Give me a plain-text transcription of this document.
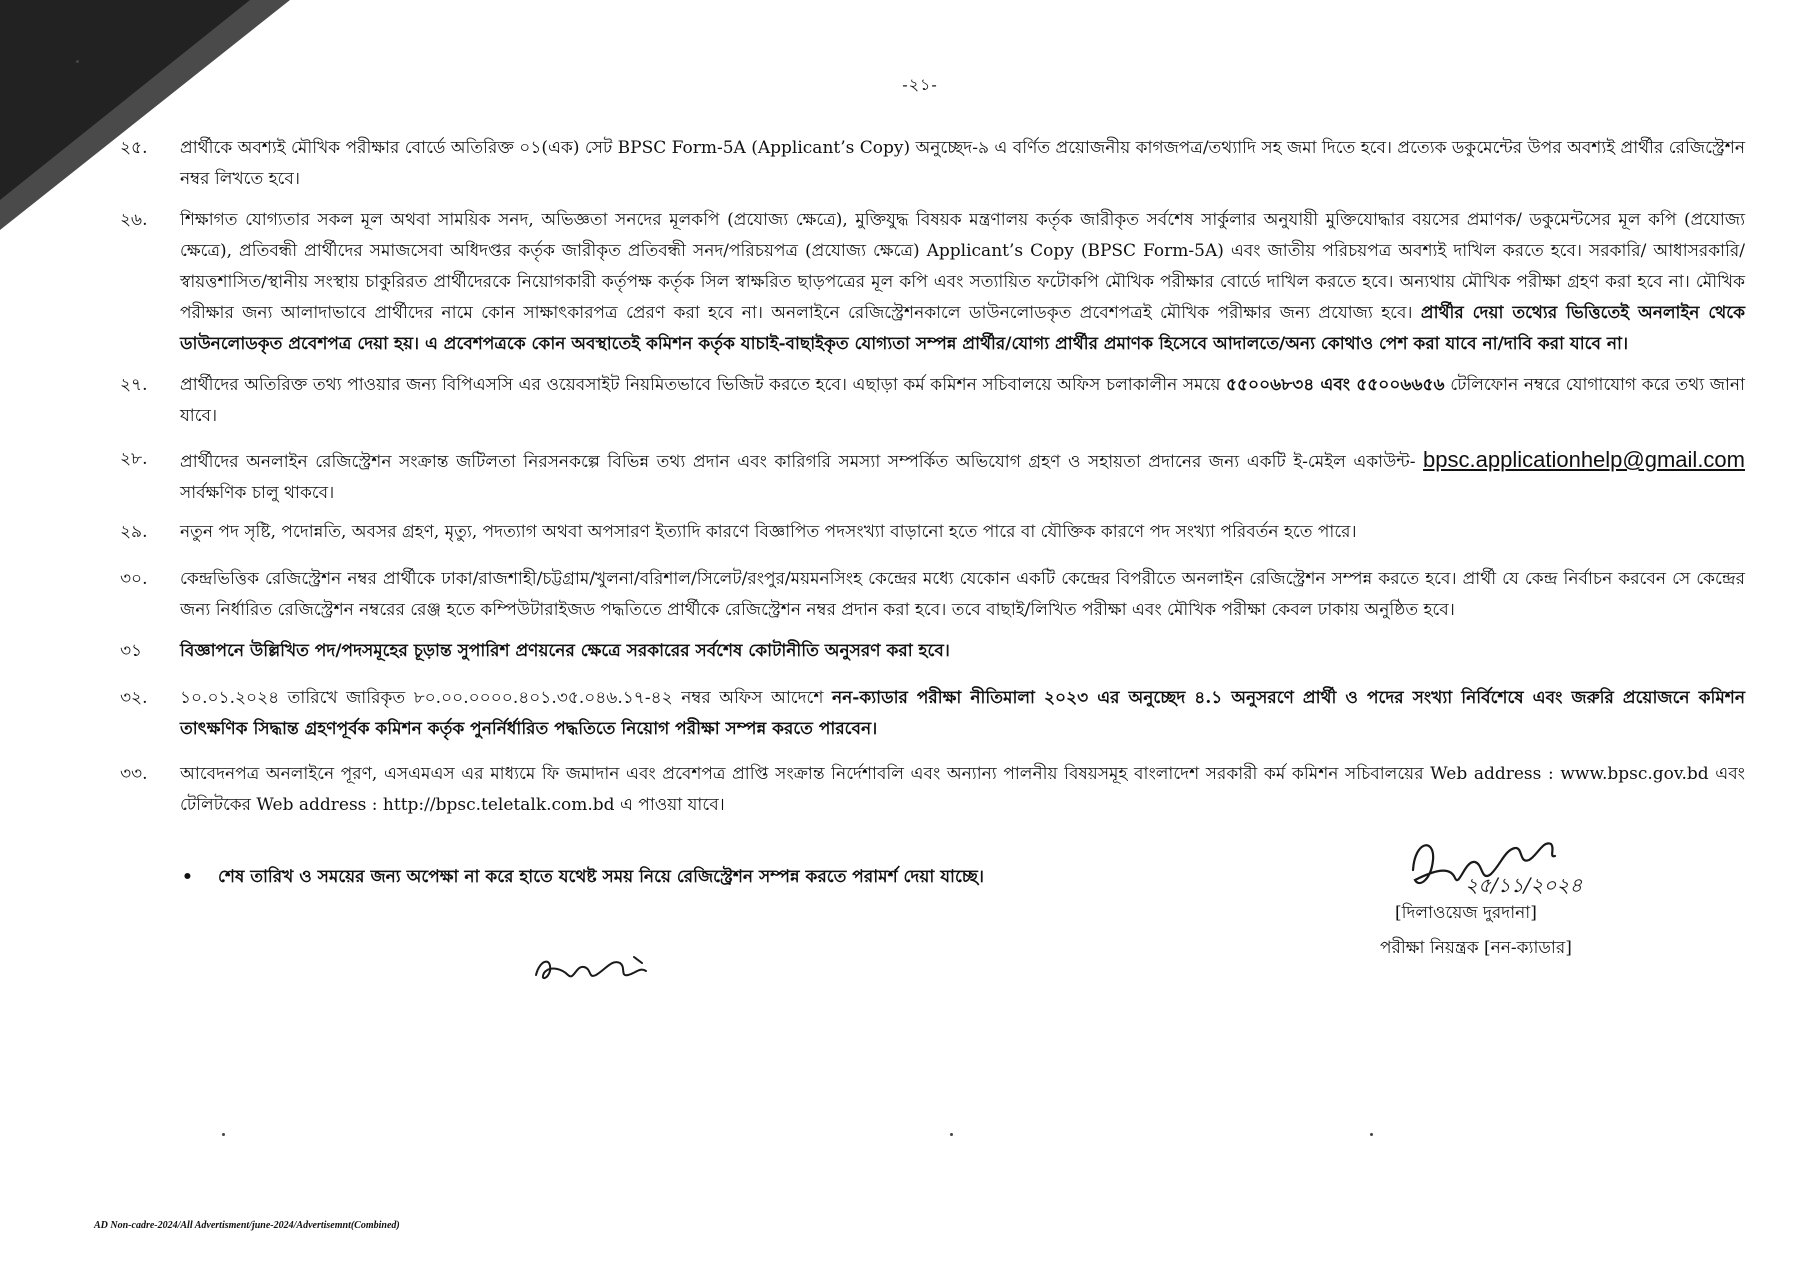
-২১-
২৫.	প্রার্থীকে অবশ্যই মৌখিক পরীক্ষার বোর্ডে অতিরিক্ত ০১(এক) সেট BPSC Form-5A (Applicant’s Copy) অনুচ্ছেদ-৯ এ বর্ণিত প্রয়োজনীয় কাগজপত্র/তথ্যাদি সহ জমা দিতে হবে। প্রত্যেক ডকুমেন্টের উপর অবশ্যই প্রার্থীর রেজিস্ট্রেশন নম্বর লিখতে হবে।
২৬.	শিক্ষাগত যোগ্যতার সকল মূল অথবা সাময়িক সনদ, অভিজ্ঞতা সনদের মূলকপি (প্রযোজ্য ক্ষেত্রে), মুক্তিযুদ্ধ বিষয়ক মন্ত্রণালয় কর্তৃক জারীকৃত সর্বশেষ সার্কুলার অনুযায়ী মুক্তিযোদ্ধার বয়সের প্রমাণক/ ডকুমেন্টসের মূল কপি (প্রযোজ্য ক্ষেত্রে), প্রতিবন্ধী প্রার্থীদের সমাজসেবা অধিদপ্তর কর্তৃক জারীকৃত প্রতিবন্ধী সনদ/পরিচয়পত্র (প্রযোজ্য ক্ষেত্রে) Applicant’s Copy (BPSC Form-5A) এবং জাতীয় পরিচয়পত্র অবশ্যই দাখিল করতে হবে। সরকারি/ আধাসরকারি/স্বায়ত্তশাসিত/স্থানীয় সংস্থায় চাকুরিরত প্রার্থীদেরকে নিয়োগকারী কর্তৃপক্ষ কর্তৃক সিল স্বাক্ষরিত ছাড়পত্রের মূল কপি এবং সত্যায়িত ফটোকপি মৌখিক পরীক্ষার বোর্ডে দাখিল করতে হবে। অন্যথায় মৌখিক পরীক্ষা গ্রহণ করা হবে না। মৌখিক পরীক্ষার জন্য আলাদাভাবে প্রার্থীদের নামে কোন সাক্ষাৎকারপত্র প্রেরণ করা হবে না। অনলাইনে রেজিস্ট্রেশনকালে ডাউনলোডকৃত প্রবেশপত্রই মৌখিক পরীক্ষার জন্য প্রযোজ্য হবে। প্রার্থীর দেয়া তথ্যের ভিত্তিতেই অনলাইন থেকে ডাউনলোডকৃত প্রবেশপত্র দেয়া হয়। এ প্রবেশপত্রকে কোন অবস্থাতেই কমিশন কর্তৃক যাচাই-বাছাইকৃত যোগ্যতা সম্পন্ন প্রার্থীর/যোগ্য প্রার্থীর প্রমাণক হিসেবে আদালতে/অন্য কোথাও পেশ করা যাবে না/দাবি করা যাবে না।
২৭.	প্রার্থীদের অতিরিক্ত তথ্য পাওয়ার জন্য বিপিএসসি এর ওয়েবসাইট নিয়মিতভাবে ভিজিট করতে হবে। এছাড়া কর্ম কমিশন সচিবালয়ে অফিস চলাকালীন সময়ে ৫৫০০৬৮৩৪ এবং ৫৫০০৬৬৫৬ টেলিফোন নম্বরে যোগাযোগ করে তথ্য জানা যাবে।
২৮.	প্রার্থীদের অনলাইন রেজিস্ট্রেশন সংক্রান্ত জটিলতা নিরসনকল্পে বিভিন্ন তথ্য প্রদান এবং কারিগরি সমস্যা সম্পর্কিত অভিযোগ গ্রহণ ও সহায়তা প্রদানের জন্য একটি ই-মেইল একাউন্ট- bpsc.applicationhelp@gmail.com সার্বক্ষণিক চালু থাকবে।
২৯.	নতুন পদ সৃষ্টি, পদোন্নতি, অবসর গ্রহণ, মৃত্যু, পদত্যাগ অথবা অপসারণ ইত্যাদি কারণে বিজ্ঞাপিত পদসংখ্যা বাড়ানো হতে পারে বা যৌক্তিক কারণে পদ সংখ্যা পরিবর্তন হতে পারে।
৩০.	কেন্দ্রভিত্তিক রেজিস্ট্রেশন নম্বর প্রার্থীকে ঢাকা/রাজশাহী/চট্টগ্রাম/খুলনা/বরিশাল/সিলেট/রংপুর/ময়মনসিংহ কেন্দ্রের মধ্যে যেকোন একটি কেন্দ্রের বিপরীতে অনলাইন রেজিস্ট্রেশন সম্পন্ন করতে হবে। প্রার্থী যে কেন্দ্র নির্বাচন করবেন সে কেন্দ্রের জন্য নির্ধারিত রেজিস্ট্রেশন নম্বরের রেঞ্জ হতে কম্পিউটারাইজড পদ্ধতিতে প্রার্থীকে রেজিস্ট্রেশন নম্বর প্রদান করা হবে। তবে বাছাই/লিখিত পরীক্ষা এবং মৌখিক পরীক্ষা কেবল ঢাকায় অনুষ্ঠিত হবে।
৩১	বিজ্ঞাপনে উল্লিখিত পদ/পদসমূহের চূড়ান্ত সুপারিশ প্রণয়নের ক্ষেত্রে সরকারের সর্বশেষ কোটানীতি অনুসরণ করা হবে।
৩২.	১০.০১.২০২৪ তারিখে জারিকৃত ৮০.০০.০০০০.৪০১.৩৫.০৪৬.১৭-৪২ নম্বর অফিস আদেশে নন-ক্যাডার পরীক্ষা নীতিমালা ২০২৩ এর অনুচ্ছেদ ৪.১ অনুসরণে প্রার্থী ও পদের সংখ্যা নির্বিশেষে এবং জরুরি প্রয়োজনে কমিশন তাৎক্ষণিক সিদ্ধান্ত গ্রহণপূর্বক কমিশন কর্তৃক পুনর্নির্ধারিত পদ্ধতিতে নিয়োগ পরীক্ষা সম্পন্ন করতে পারবেন।
৩৩.	আবেদনপত্র অনলাইনে পূরণ, এসএমএস এর মাধ্যমে ফি জমাদান এবং প্রবেশপত্র প্রাপ্তি সংক্রান্ত নির্দেশাবলি এবং অন্যান্য পালনীয় বিষয়সমূহ বাংলাদেশ সরকারী কর্ম কমিশন সচিবালয়ের Web address : www.bpsc.gov.bd এবং টেলিটকের Web address : http://bpsc.teletalk.com.bd এ পাওয়া যাবে।
• শেষ তারিখ ও সময়ের জন্য অপেক্ষা না করে হাতে যথেষ্ট সময় নিয়ে রেজিস্ট্রেশন সম্পন্ন করতে পরামর্শ দেয়া যাচ্ছে।	২৫/১১/২০২৪
[দিলাওয়েজ দুরদানা]
পরীক্ষা নিয়ন্ত্রক [নন-ক্যাডার]
AD Non-cadre-2024/All Advertisment/june-2024/Advertisemnt(Combined)
